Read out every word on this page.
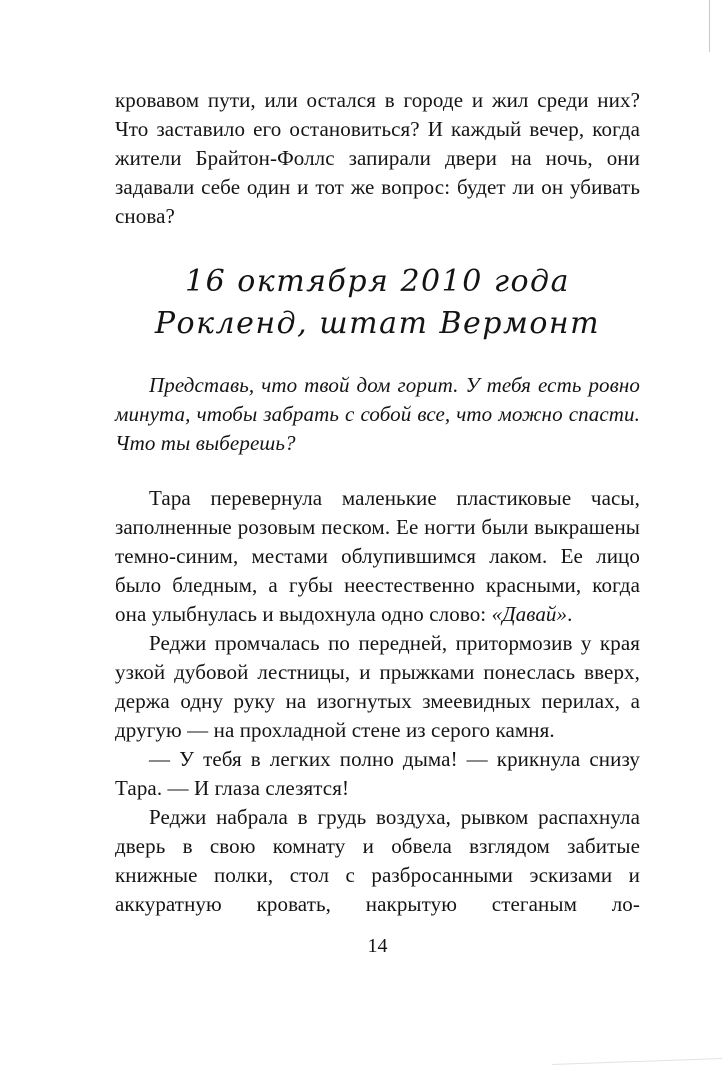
кровавом пути, или остался в городе и жил среди них? Что заставило его остановиться? И каждый вечер, когда жители Брайтон-Фоллс запирали двери на ночь, они задавали себе один и тот же вопрос: будет ли он убивать снова?

16 октября 2010 года
Рокленд, штат Вермонт

Представь, что твой дом горит. У тебя есть ровно минута, чтобы забрать с собой все, что можно спасти. Что ты выберешь?

Тара перевернула маленькие пластиковые часы, заполненные розовым песком. Ее ногти были выкрашены темно-синим, местами облупившимся лаком. Ее лицо было бледным, а губы неестественно красными, когда она улыбнулась и выдохнула одно слово: «Давай».

Реджи промчалась по передней, притормозив у края узкой дубовой лестницы, и прыжками понеслась вверх, держа одну руку на изогнутых змеевидных перилах, а другую — на прохладной стене из серого камня.

— У тебя в легких полно дыма! — крикнула снизу Тара. — И глаза слезятся!

Реджи набрала в грудь воздуха, рывком распахнула дверь в свою комнату и обвела взглядом забитые книжные полки, стол с разбросанными эскизами и аккуратную кровать, накрытую стеганым ло-

14
